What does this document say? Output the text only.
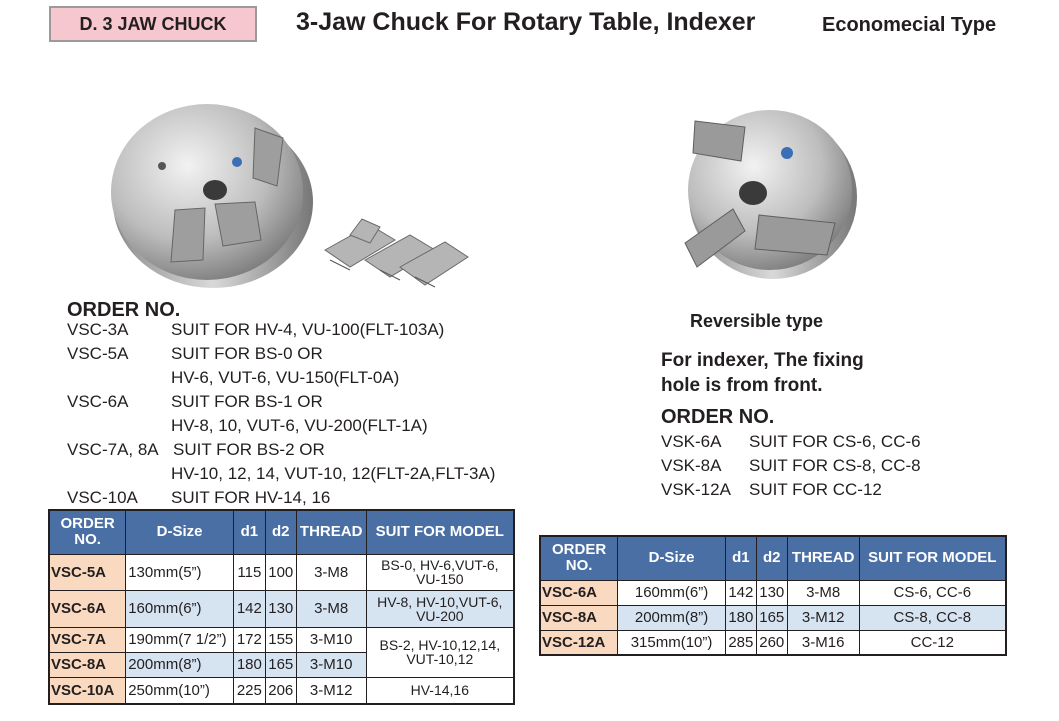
D. 3 JAW CHUCK	3-Jaw Chuck For Rotary Table, Indexer	Economecial Type
ORDER NO.
VSC-3A	SUIT FOR HV-4, VU-100(FLT-103A)
VSC-5A	SUIT FOR BS-0 OR
HV-6, VUT-6, VU-150(FLT-0A)
VSC-6A	SUIT FOR BS-1 OR
HV-8, 10, VUT-6, VU-200(FLT-1A)
VSC-7A, 8A SUIT FOR BS-2 OR
HV-10, 12, 14, VUT-10, 12(FLT-2A,FLT-3A)
VSC-10A SUIT FOR HV-14, 16
Reversible type
For indexer, The fixing
hole is from front.
ORDER NO.
VSK-6A SUIT FOR CS-6, CC-6
VSK-8A SUIT FOR CS-8, CC-8
VSK-12A SUIT FOR CC-12
ORDER
NO.	D-Size	d1	d2	THREAD	SUIT FOR MODEL
VSC-5A	130mm(5”)	115	100	3-M8	BS-0, HV-6,VUT-6,
VU-150

VSC-6A	160mm(6”)	142	130	3-M8	HV-8, HV-10,VUT-6,
VU-200

VSC-7A	190mm(7 1/2”)	172	155	3-M10	BS-2, HV-10,12,14,
VUT-10,12

VSC-8A	200mm(8”)	180	165	3-M10	
VSC-10A	250mm(10”)	225	206	3-M12	HV-14,16
ORDER
NO.	D-Size	d1	d2	THREAD	SUIT FOR MODEL
VSC-6A	160mm(6”)	142	130	3-M8	CS-6, CC-6
VSC-8A	200mm(8”)	180	165	3-M12	CS-8, CC-8
VSC-12A	315mm(10”)	285	260	3-M16	CC-12
